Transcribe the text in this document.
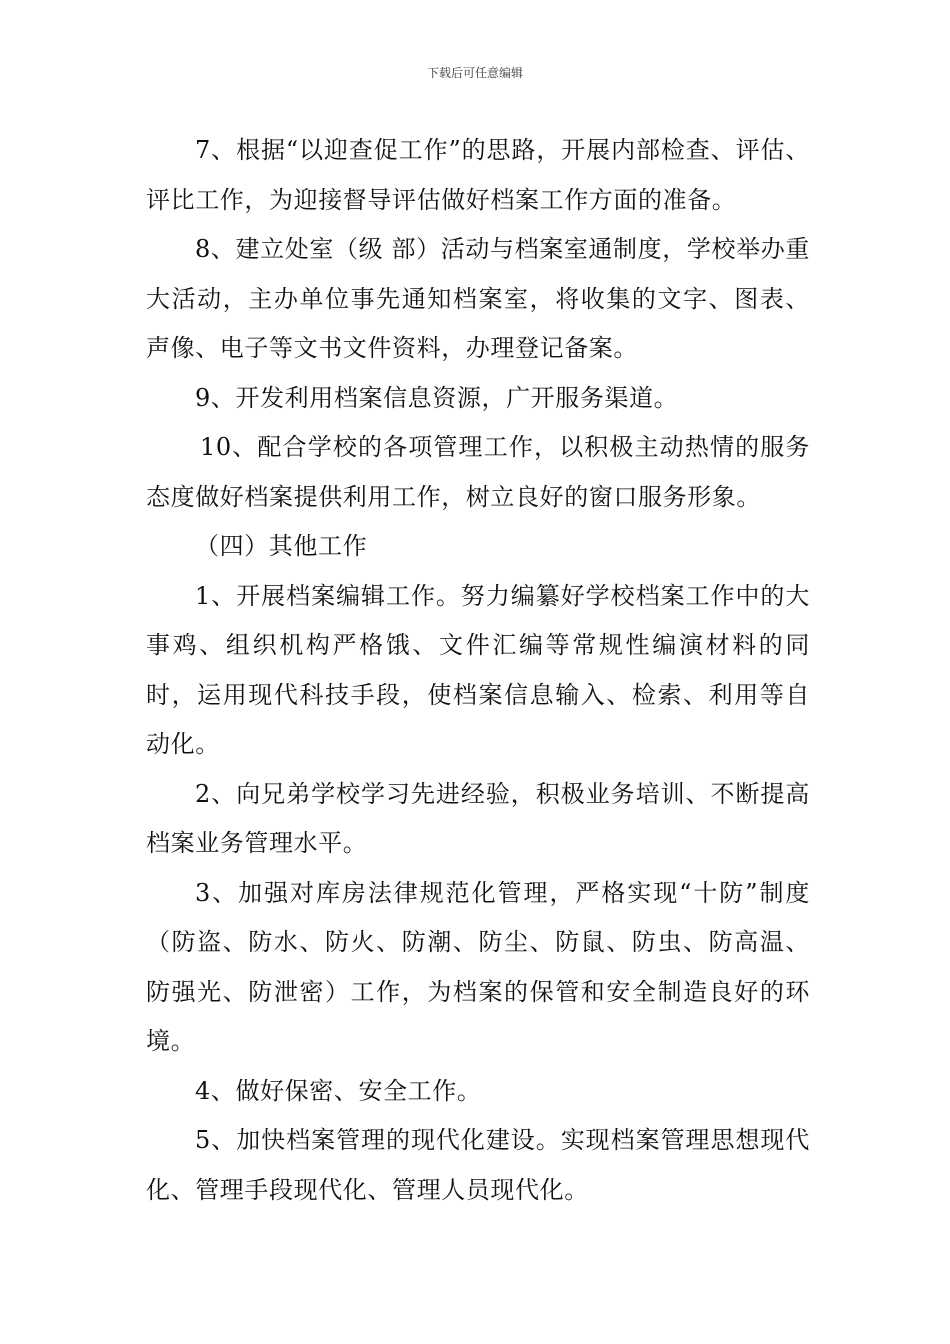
下载后可任意编辑

7、根据“以迎查促工作”的思路，开展内部检查、评估、评比工作，为迎接督导评估做好档案工作方面的准备。

8、建立处室（级 部）活动与档案室通制度，学校举办重大活动，主办单位事先通知档案室，将收集的文字、图表、声像、电子等文书文件资料，办理登记备案。

9、开发利用档案信息资源，广开服务渠道。

10、配合学校的各项管理工作，以积极主动热情的服务态度做好档案提供利用工作，树立良好的窗口服务形象。

（四）其他工作

1、开展档案编辑工作。努力编纂好学校档案工作中的大事鸡、组织机构严格饿、文件汇编等常规性编演材料的同时，运用现代科技手段，使档案信息输入、检索、利用等自动化。

2、向兄弟学校学习先进经验，积极业务培训、不断提高档案业务管理水平。

3、加强对库房法律规范化管理，严格实现“十防”制度（防盗、防水、防火、防潮、防尘、防鼠、防虫、防高温、防强光、防泄密）工作，为档案的保管和安全制造良好的环境。

4、做好保密、安全工作。

5、加快档案管理的现代化建设。实现档案管理思想现代化、管理手段现代化、管理人员现代化。
